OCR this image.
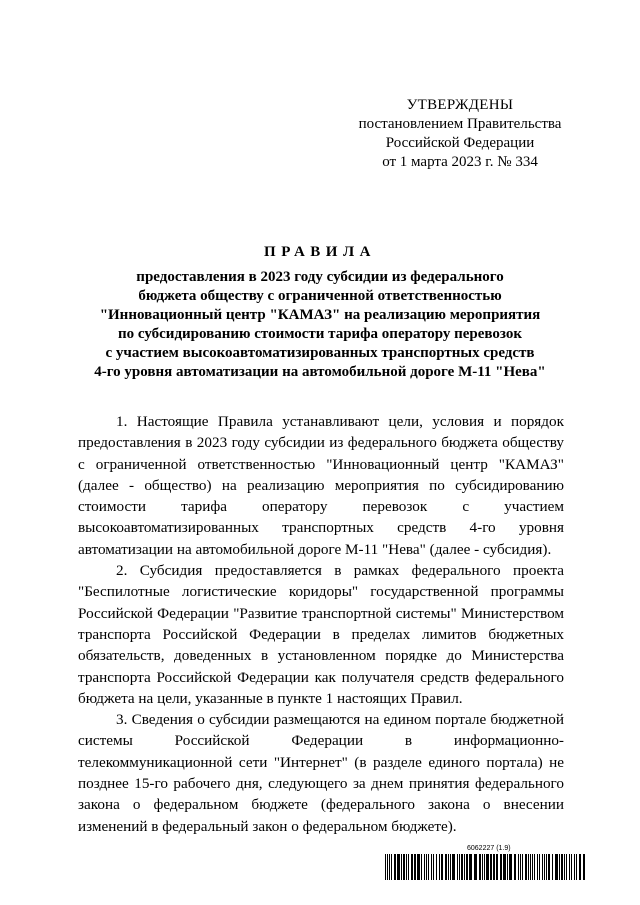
УТВЕРЖДЕНЫ
постановлением Правительства
Российской Федерации
от 1 марта 2023 г. № 334
ПРАВИЛА
предоставления в 2023 году субсидии из федерального
бюджета обществу с ограниченной ответственностью
"Инновационный центр "КАМАЗ" на реализацию мероприятия
по субсидированию стоимости тарифа оператору перевозок
с участием высокоавтоматизированных транспортных средств
4-го уровня автоматизации на автомобильной дороге М-11 "Нева"

1. Настоящие Правила устанавливают цели, условия и порядок предоставления в 2023 году субсидии из федерального бюджета обществу с ограниченной ответственностью "Инновационный центр "КАМАЗ" (далее - общество) на реализацию мероприятия по субсидированию стоимости тарифа оператору перевозок с участием высокоавтоматизированных транспортных средств 4-го уровня автоматизации на автомобильной дороге М-11 "Нева" (далее - субсидия).

2. Субсидия предоставляется в рамках федерального проекта "Беспилотные логистические коридоры" государственной программы Российской Федерации "Развитие транспортной системы" Министерством транспорта Российской Федерации в пределах лимитов бюджетных обязательств, доведенных в установленном порядке до Министерства транспорта Российской Федерации как получателя средств федерального бюджета на цели, указанные в пункте 1 настоящих Правил.

3. Сведения о субсидии размещаются на едином портале бюджетной системы Российской Федерации в информационно-телекоммуникационной сети "Интернет" (в разделе единого портала) не позднее 15-го рабочего дня, следующего за днем принятия федерального закона о федеральном бюджете (федерального закона о внесении изменений в федеральный закон о федеральном бюджете).

6062227 (1.9)
